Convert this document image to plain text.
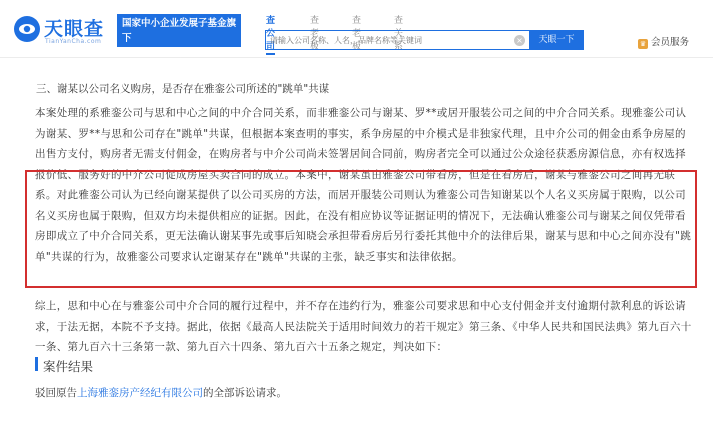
天眼查
TianYanCha.com
国家中小企业发展子基金旗下
官方备案企业征信机构
查公司
查老板
查老板
查关系
请输入公司名称、人名，品牌名称等关键词
×	天眼一下	♛ 会员服务
三、谢某以公司名义购房，是否存在雅銮公司所述的"跳单"共谋
本案处理的系雅銮公司与思和中心之间的中介合同关系，而非雅銮公司与谢某、罗**或居开服装公司之间的中介合同关系。现雅銮公司认为谢某、罗**与思和公司存在"跳单"共谋，但根据本案查明的事实，系争房屋的中介模式是非独家代理，且中介公司的佣金由系争房屋的出售方支付，购房者无需支付佣金，在购房者与中介公司尚未签署居间合同前，购房者完全可以通过公众途径获悉房源信息，亦有权选择报价低、服务好的中介公司促成房屋买卖合同的成立。本案中，谢某虽由雅銮公司带看房，但是在看房后，谢某与雅銮公司之间再无联系。对此雅銮公司认为已经向谢某提供了以公司买房的方法，而居开服装公司则认为雅銮公司告知谢某以个人名义买房属于限购，以公司名义买房也属于限购，但双方均未提供相应的证据。因此，在没有相应协议等证据证明的情况下，无法确认雅銮公司与谢某之间仅凭带看房即成立了中介合同关系，更无法确认谢某事先或事后知晓会承担带看房后另行委托其他中介的法律后果，谢某与思和中心之间亦没有"跳单"共谋的行为，故雅銮公司要求认定谢某存在"跳单"共谋的主张，缺乏事实和法律依据。
综上，思和中心在与雅銮公司中介合同的履行过程中，并不存在违约行为，雅銮公司要求思和中心支付佣金并支付逾期付款利息的诉讼请求，于法无据，本院不予支持。据此，依据《最高人民法院关于适用时间效力的若干规定》第三条、《中华人民共和国民法典》第九百六十一条、第九百六十三条第一款、第九百六十四条、第九百六十五条之规定，判决如下：
案件结果
驳回原告上海雅銮房产经纪有限公司的全部诉讼请求。
